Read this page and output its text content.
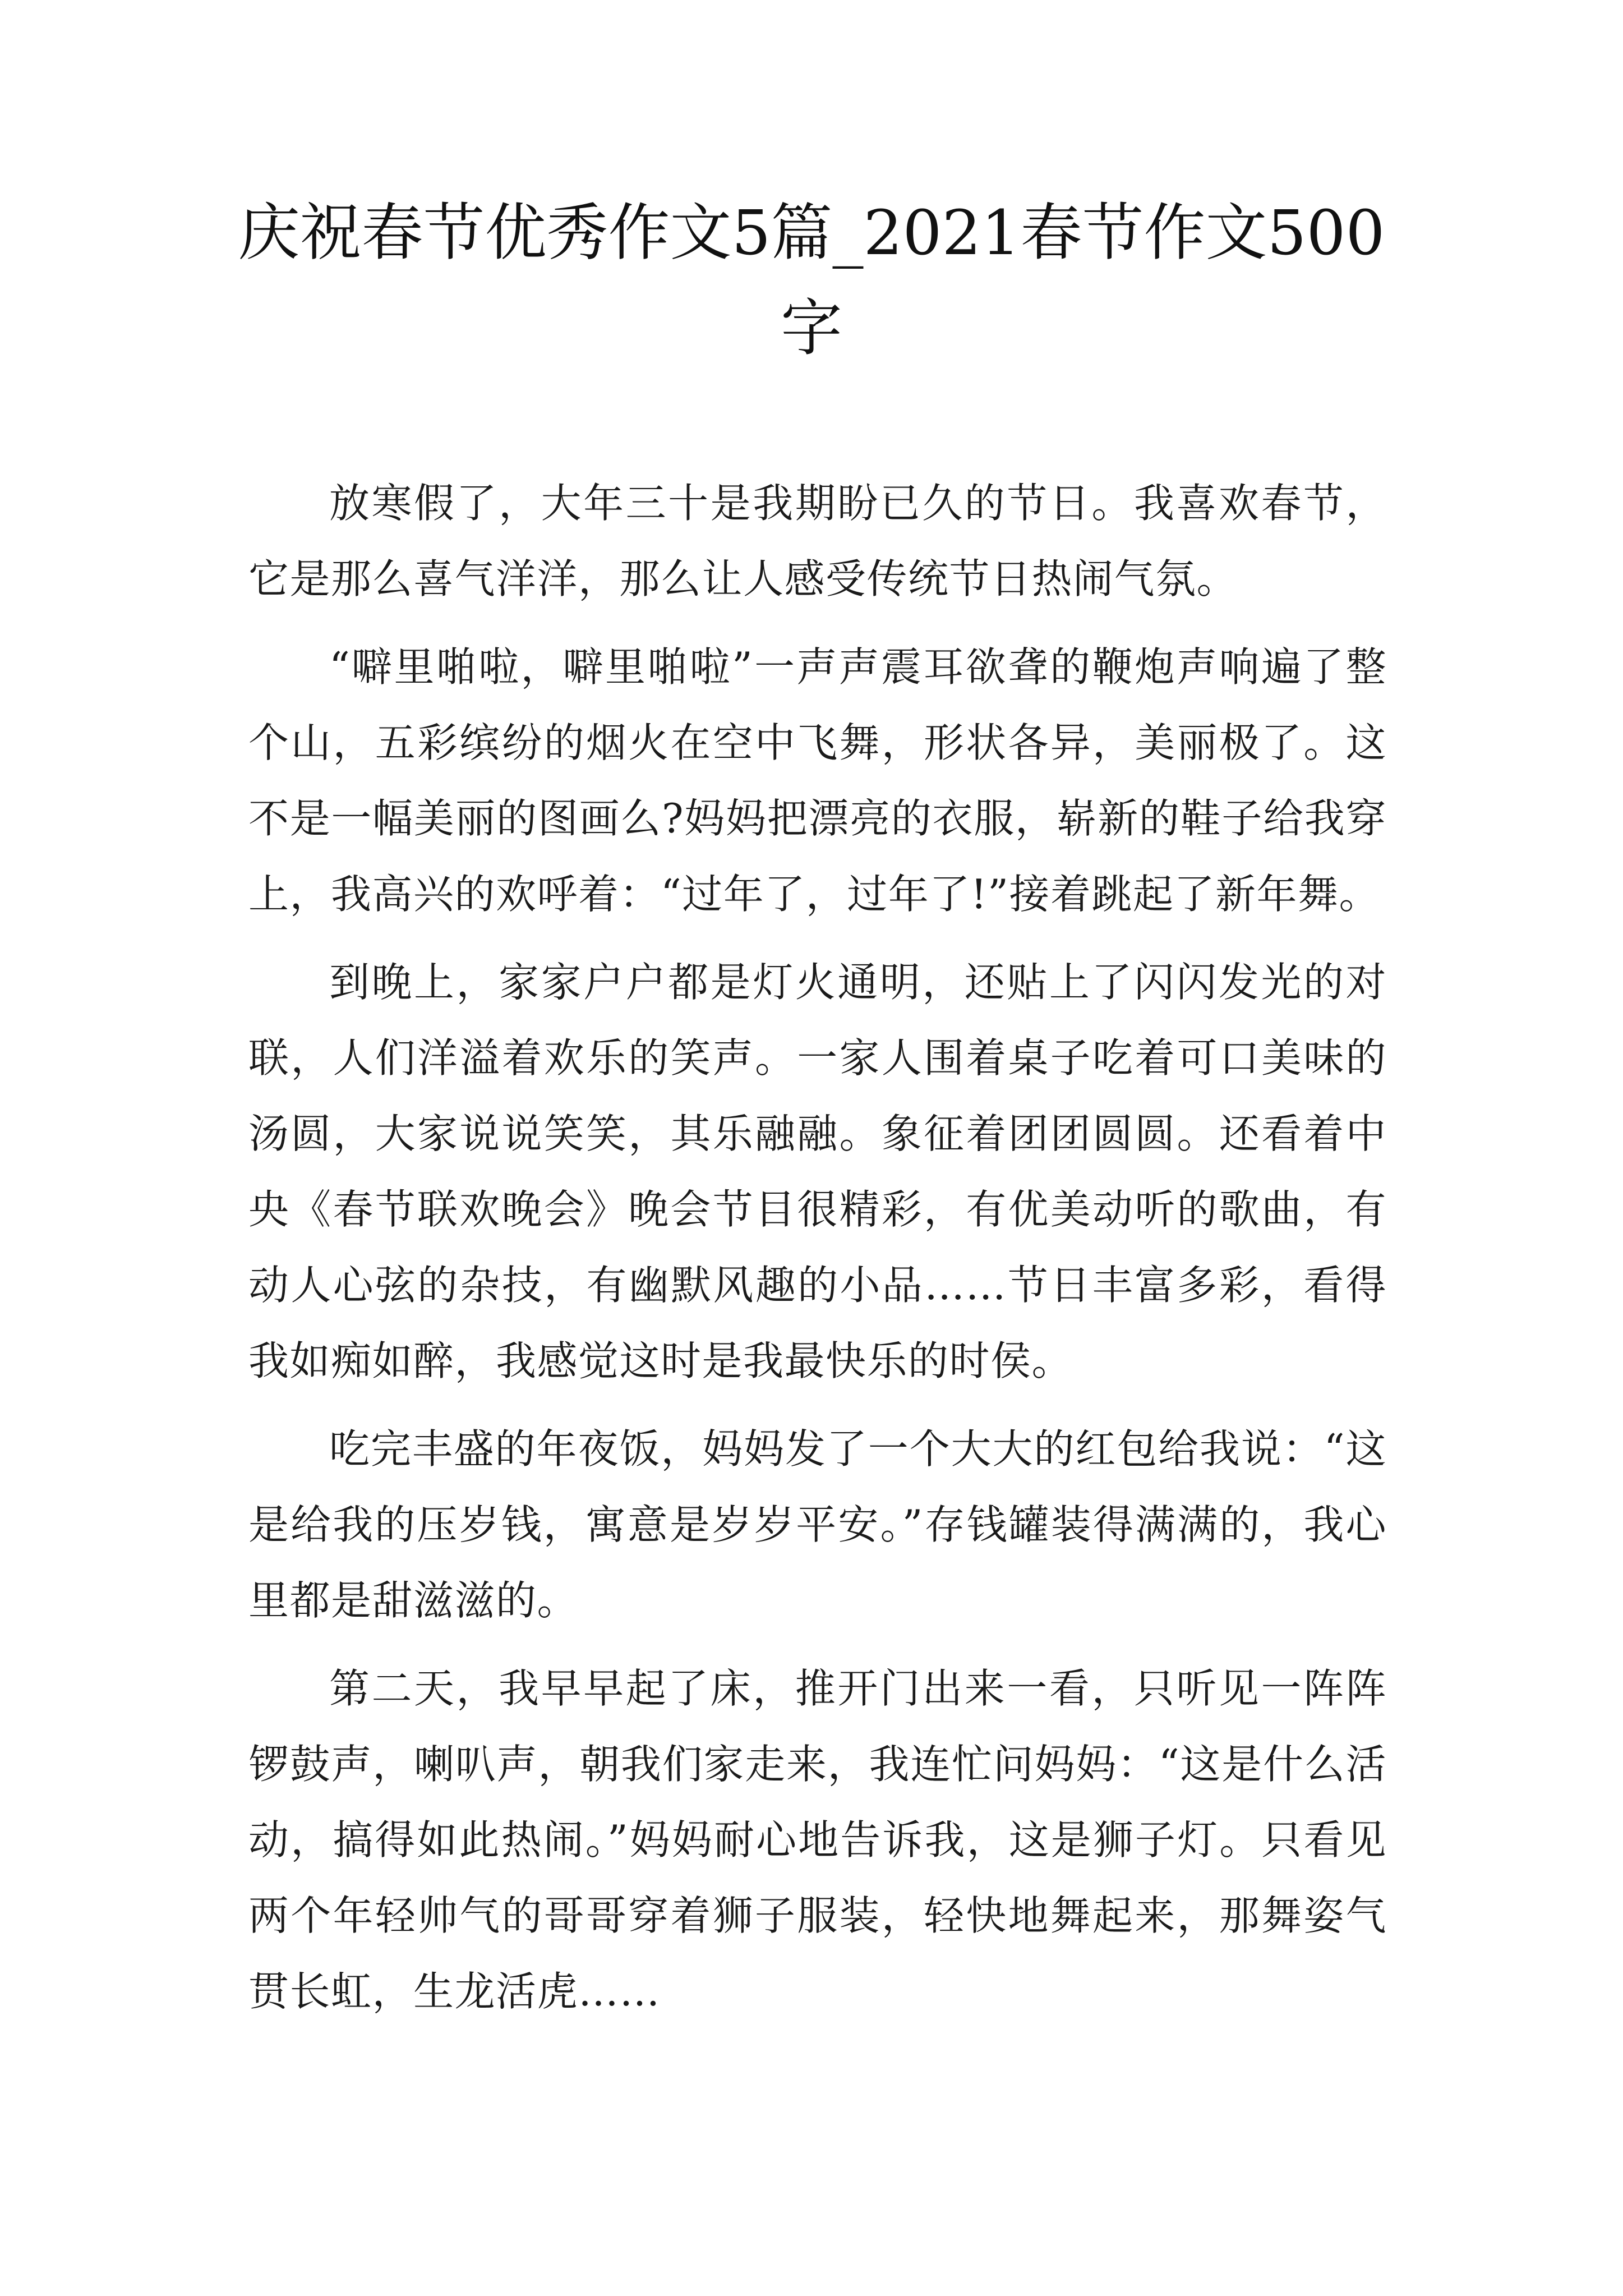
庆祝春节优秀作文5篇_2021春节作文500字

放寒假了，大年三十是我期盼已久的节日。我喜欢春节，它是那么喜气洋洋，那么让人感受传统节日热闹气氛。

“噼里啪啦，噼里啪啦”一声声震耳欲聋的鞭炮声响遍了整个山，五彩缤纷的烟火在空中飞舞，形状各异，美丽极了。这不是一幅美丽的图画么?妈妈把漂亮的衣服，崭新的鞋子给我穿上，我高兴的欢呼着：“过年了，过年了!”接着跳起了新年舞。

到晚上，家家户户都是灯火通明，还贴上了闪闪发光的对联，人们洋溢着欢乐的笑声。一家人围着桌子吃着可口美味的汤圆，大家说说笑笑，其乐融融。象征着团团圆圆。还看着中央《春节联欢晚会》晚会节目很精彩，有优美动听的歌曲，有动人心弦的杂技，有幽默风趣的小品……节日丰富多彩，看得我如痴如醉，我感觉这时是我最快乐的时侯。

吃完丰盛的年夜饭，妈妈发了一个大大的红包给我说：“这是给我的压岁钱，寓意是岁岁平安。”存钱罐装得满满的，我心里都是甜滋滋的。

第二天，我早早起了床，推开门出来一看，只听见一阵阵锣鼓声，喇叭声，朝我们家走来，我连忙问妈妈：“这是什么活动，搞得如此热闹。”妈妈耐心地告诉我，这是狮子灯。只看见两个年轻帅气的哥哥穿着狮子服装，轻快地舞起来，那舞姿气贯长虹，生龙活虎……
